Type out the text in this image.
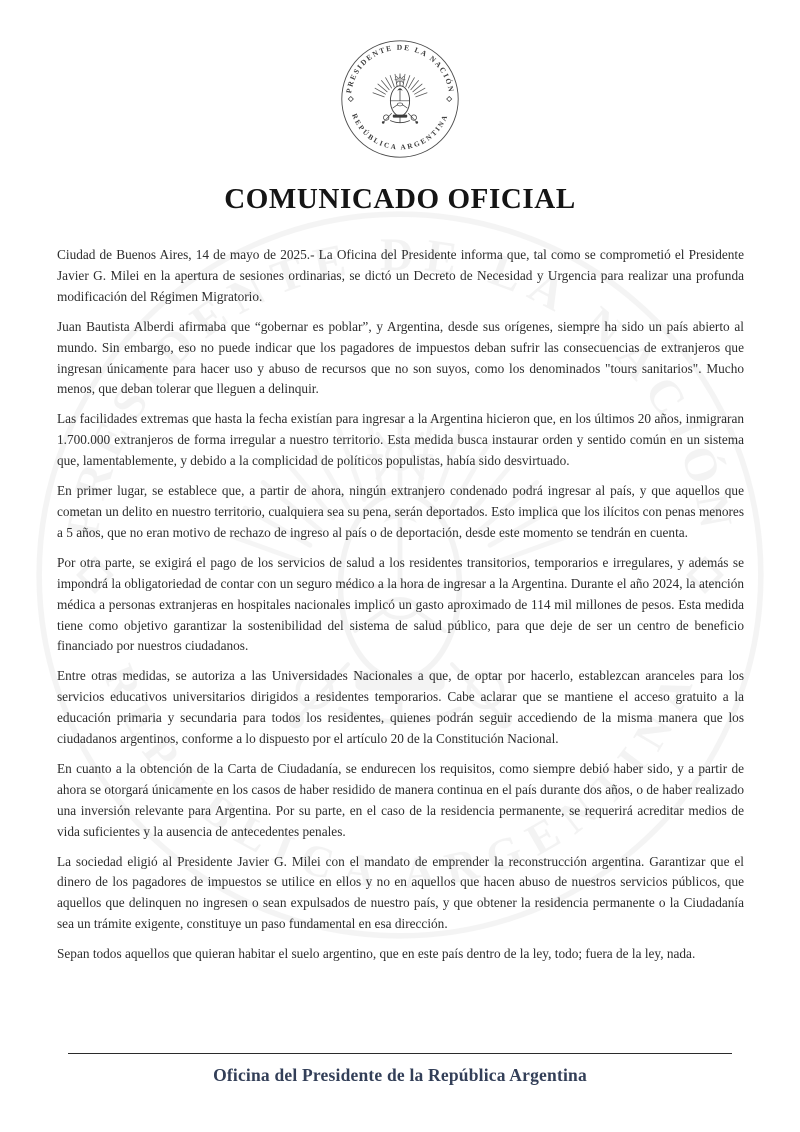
COMUNICADO OFICIAL

Ciudad de Buenos Aires, 14 de mayo de 2025.- La Oficina del Presidente informa que, tal como se comprometió el Presidente Javier G. Milei en la apertura de sesiones ordinarias, se dictó un Decreto de Necesidad y Urgencia para realizar una profunda modificación del Régimen Migratorio.

Juan Bautista Alberdi afirmaba que “gobernar es poblar”, y Argentina, desde sus orígenes, siempre ha sido un país abierto al mundo. Sin embargo, eso no puede indicar que los pagadores de impuestos deban sufrir las consecuencias de extranjeros que ingresan únicamente para hacer uso y abuso de recursos que no son suyos, como los denominados "tours sanitarios". Mucho menos, que deban tolerar que lleguen a delinquir.

Las facilidades extremas que hasta la fecha existían para ingresar a la Argentina hicieron que, en los últimos 20 años, inmigraran 1.700.000 extranjeros de forma irregular a nuestro territorio. Esta medida busca instaurar orden y sentido común en un sistema que, lamentablemente, y debido a la complicidad de políticos populistas, había sido desvirtuado.

En primer lugar, se establece que, a partir de ahora, ningún extranjero condenado podrá ingresar al país, y que aquellos que cometan un delito en nuestro territorio, cualquiera sea su pena, serán deportados. Esto implica que los ilícitos con penas menores a 5 años, que no eran motivo de rechazo de ingreso al país o de deportación, desde este momento se tendrán en cuenta.

Por otra parte, se exigirá el pago de los servicios de salud a los residentes transitorios, temporarios e irregulares, y además se impondrá la obligatoriedad de contar con un seguro médico a la hora de ingresar a la Argentina. Durante el año 2024, la atención médica a personas extranjeras en hospitales nacionales implicó un gasto aproximado de 114 mil millones de pesos. Esta medida tiene como objetivo garantizar la sostenibilidad del sistema de salud público, para que deje de ser un centro de beneficio financiado por nuestros ciudadanos.

Entre otras medidas, se autoriza a las Universidades Nacionales a que, de optar por hacerlo, establezcan aranceles para los servicios educativos universitarios dirigidos a residentes temporarios. Cabe aclarar que se mantiene el acceso gratuito a la educación primaria y secundaria para todos los residentes, quienes podrán seguir accediendo de la misma manera que los ciudadanos argentinos, conforme a lo dispuesto por el artículo 20 de la Constitución Nacional.

En cuanto a la obtención de la Carta de Ciudadanía, se endurecen los requisitos, como siempre debió haber sido, y a partir de ahora se otorgará únicamente en los casos de haber residido de manera continua en el país durante dos años, o de haber realizado una inversión relevante para Argentina. Por su parte, en el caso de la residencia permanente, se requerirá acreditar medios de vida suficientes y la ausencia de antecedentes penales.

La sociedad eligió al Presidente Javier G. Milei con el mandato de emprender la reconstrucción argentina. Garantizar que el dinero de los pagadores de impuestos se utilice en ellos y no en aquellos que hacen abuso de nuestros servicios públicos, que aquellos que delinquen no ingresen o sean expulsados de nuestro país, y que obtener la residencia permanente o la Ciudadanía sea un trámite exigente, constituye un paso fundamental en esa dirección.

Sepan todos aquellos que quieran habitar el suelo argentino, que en este país dentro de la ley, todo; fuera de la ley, nada.

Oficina del Presidente de la República Argentina
